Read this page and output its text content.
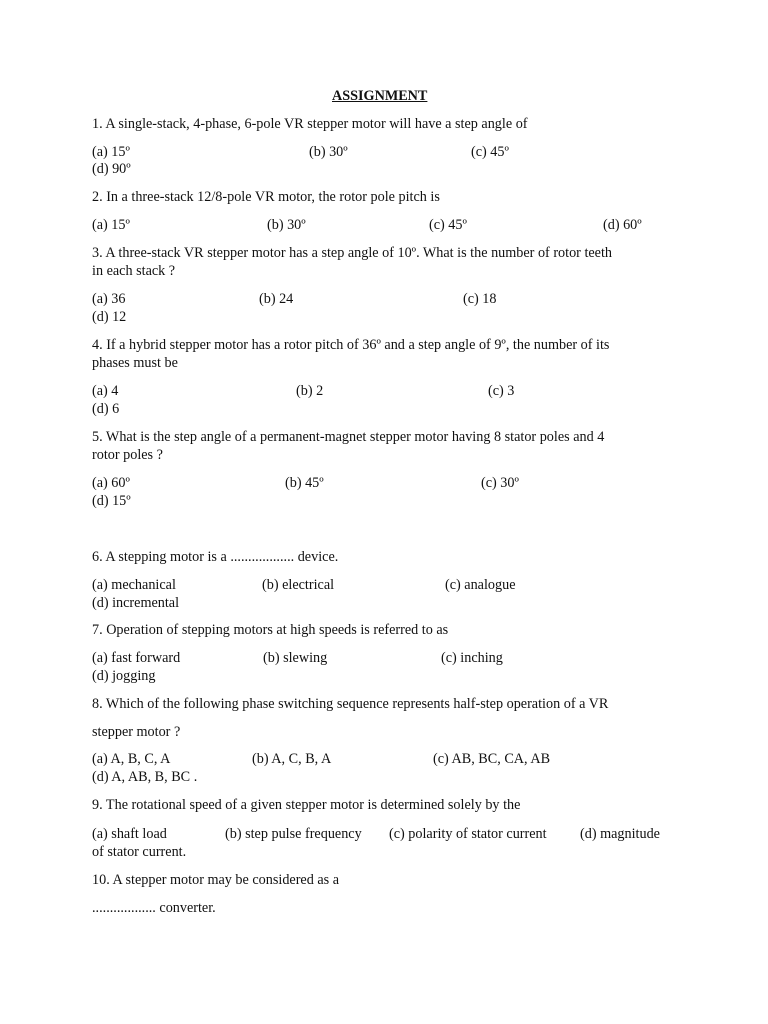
ASSIGNMENT
1. A single-stack, 4-phase, 6-pole VR stepper motor will have a step angle of
(a) 15º	(b) 30º	(c) 45º
(d) 90º
2. In a three-stack 12/8-pole VR motor, the rotor pole pitch is
(a) 15º	(b) 30º	(c) 45º	(d) 60º
3. A three-stack VR stepper motor has a step angle of 10º. What is the number of rotor teeth
in each stack ?
(a) 36	(b) 24	(c) 18
(d) 12
4. If a hybrid stepper motor has a rotor pitch of 36º and a step angle of 9º, the number of its
phases must be
(a) 4	(b) 2	(c) 3
(d) 6
5. What is the step angle of a permanent-magnet stepper motor having 8 stator poles and 4
rotor poles ?
(a) 60º	(b) 45º	(c) 30º
(d) 15º
6. A stepping motor is a .................. device.
(a) mechanical	(b) electrical	(c) analogue
(d) incremental
7. Operation of stepping motors at high speeds is referred to as
(a) fast forward	(b) slewing	(c) inching
(d) jogging
8. Which of the following phase switching sequence represents half-step operation of a VR
stepper motor ?
(a) A, B, C, A	(b) A, C, B, A	(c) AB, BC, CA, AB
(d) A, AB, B, BC .
9. The rotational speed of a given stepper motor is determined solely by the
(a) shaft load	(b) step pulse frequency (c) polarity of stator current (d) magnitude
of stator current.
10. A stepper motor may be considered as a
.................. converter.
